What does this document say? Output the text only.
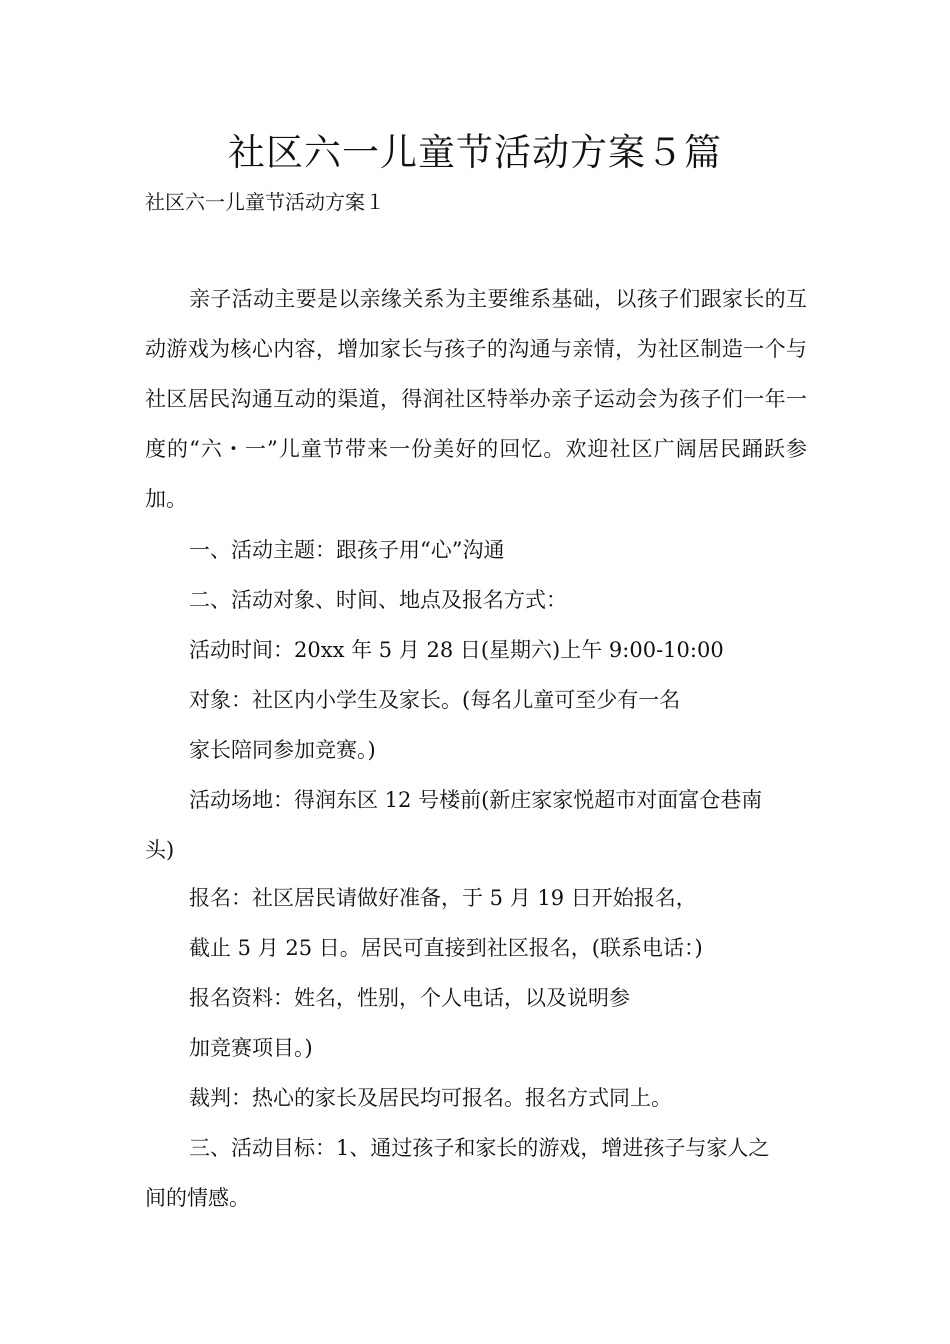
社区六一儿童节活动方案５篇
社区六一儿童节活动方案１
亲子活动主要是以亲缘关系为主要维系基础，以孩子们跟家长的互动游戏为核心内容，增加家长与孩子的沟通与亲情，为社区制造一个与社区居民沟通互动的渠道，得润社区特举办亲子运动会为孩子们一年一度的“六・一”儿童节带来一份美好的回忆。欢迎社区广阔居民踊跃参加。
一、活动主题：跟孩子用“心”沟通
二、活动对象、时间、地点及报名方式：
活动时间：20xx 年 5 月 28 日(星期六)上午 9:00-10:00
对象：社区内小学生及家长。(每名儿童可至少有一名
家长陪同参加竞赛。)
活动场地：得润东区 12 号楼前(新庄家家悦超市对面富仓巷南
头)
报名：社区居民请做好准备，于 5 月 19 日开始报名，
截止 5 月 25 日。居民可直接到社区报名，(联系电话：)
报名资料：姓名，性别，个人电话，以及说明参
加竞赛项目。)
裁判：热心的家长及居民均可报名。报名方式同上。
三、活动目标：1、通过孩子和家长的游戏，增进孩子与家人之
间的情感。
